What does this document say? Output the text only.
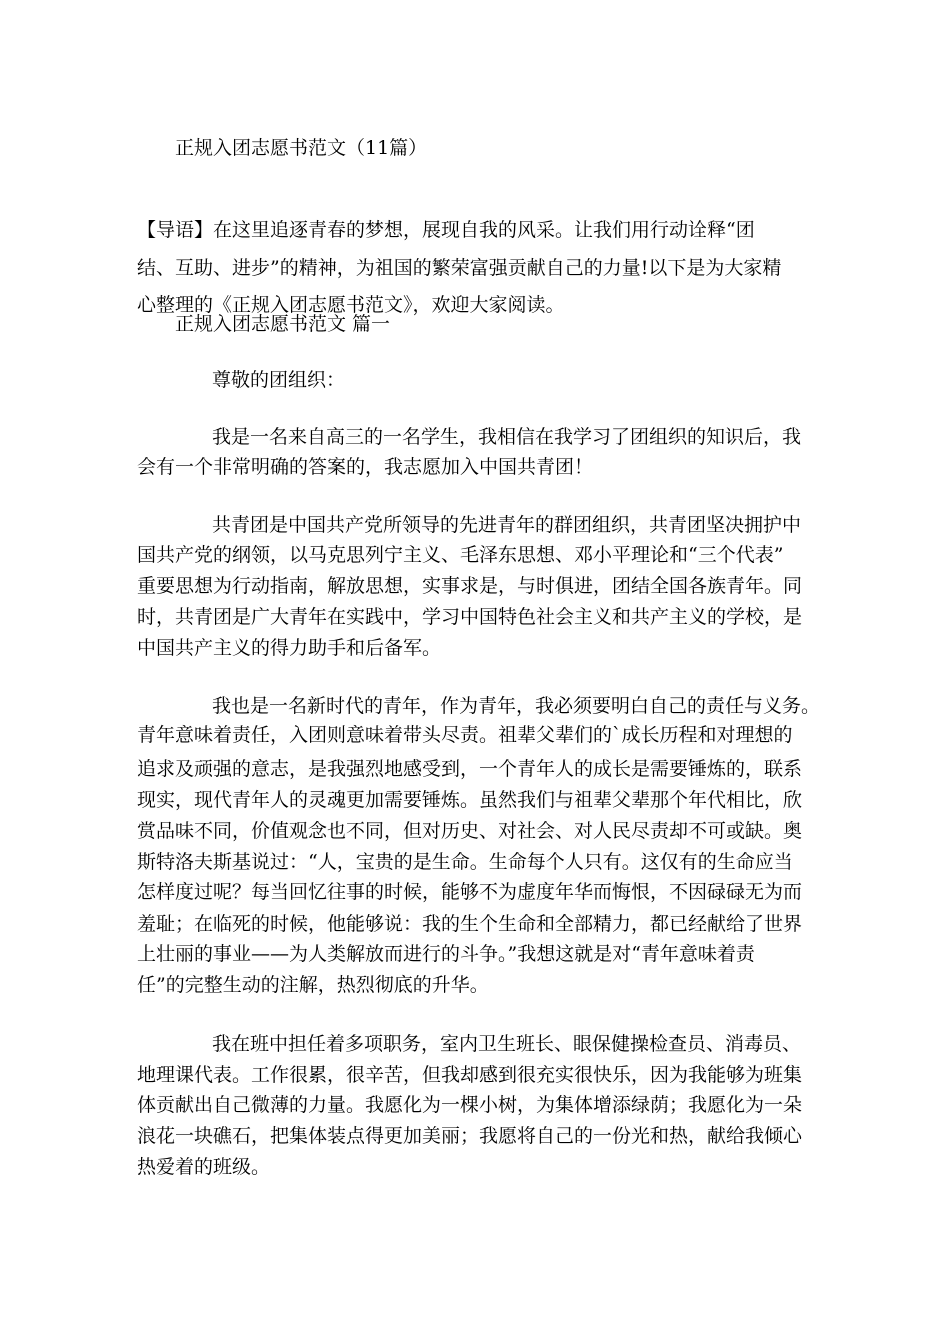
正规入团志愿书范文（11篇）
【导语】在这里追逐青春的梦想，展现自我的风采。让我们用行动诠释“团
结、互助、进步”的精神，为祖国的繁荣富强贡献自己的力量!以下是为大家精
心整理的《正规入团志愿书范文》，欢迎大家阅读。
正规入团志愿书范文 篇一
尊敬的团组织：
我是一名来自高三的一名学生，我相信在我学习了团组织的知识后，我
会有一个非常明确的答案的，我志愿加入中国共青团！
共青团是中国共产党所领导的先进青年的群团组织，共青团坚决拥护中
国共产党的纲领，以马克思列宁主义、毛泽东思想、邓小平理论和“三个代表”
重要思想为行动指南，解放思想，实事求是，与时俱进，团结全国各族青年。同
时，共青团是广大青年在实践中，学习中国特色社会主义和共产主义的学校，是
中国共产主义的得力助手和后备军。
我也是一名新时代的青年，作为青年，我必须要明白自己的责任与义务。
青年意味着责任，入团则意味着带头尽责。祖辈父辈们的`成长历程和对理想的
追求及顽强的意志，是我强烈地感受到，一个青年人的成长是需要锤炼的，联系
现实，现代青年人的灵魂更加需要锤炼。虽然我们与祖辈父辈那个年代相比，欣
赏品味不同，价值观念也不同，但对历史、对社会、对人民尽责却不可或缺。奥
斯特洛夫斯基说过：“人，宝贵的是生命。生命每个人只有。这仅有的生命应当
怎样度过呢？每当回忆往事的时候，能够不为虚度年华而悔恨，不因碌碌无为而
羞耻；在临死的时候，他能够说：我的生个生命和全部精力，都已经献给了世界
上壮丽的事业——为人类解放而进行的斗争。”我想这就是对“青年意味着责
任”的完整生动的注解，热烈彻底的升华。
我在班中担任着多项职务，室内卫生班长、眼保健操检查员、消毒员、
地理课代表。工作很累，很辛苦，但我却感到很充实很快乐，因为我能够为班集
体贡献出自己微薄的力量。我愿化为一棵小树，为集体增添绿荫；我愿化为一朵
浪花一块礁石，把集体装点得更加美丽；我愿将自己的一份光和热，献给我倾心
热爱着的班级。
